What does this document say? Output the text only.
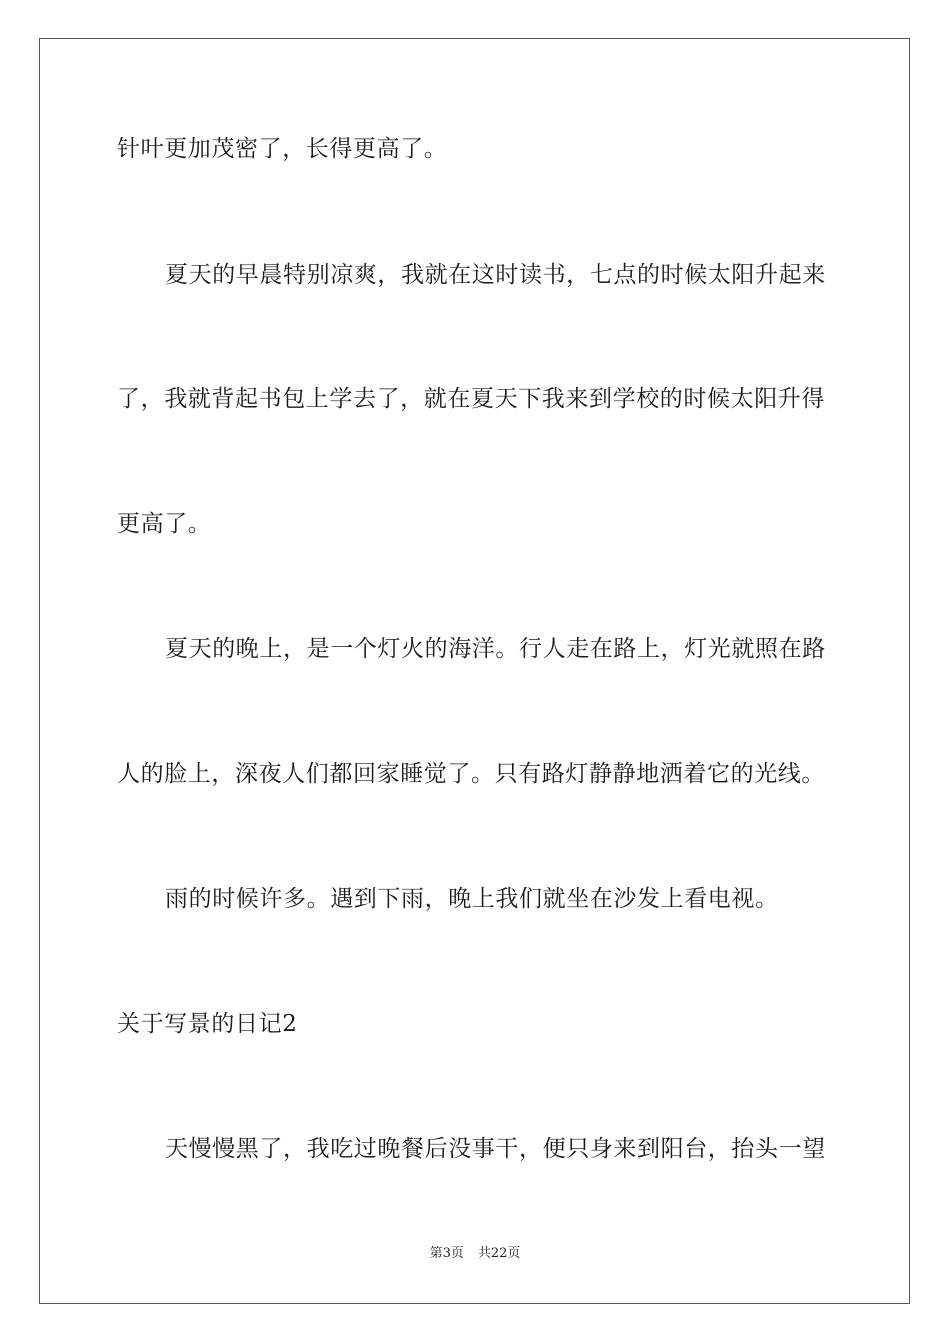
针叶更加茂密了，长得更高了。
夏天的早晨特别凉爽，我就在这时读书，七点的时候太阳升起来
了，我就背起书包上学去了，就在夏天下我来到学校的时候太阳升得
更高了。
夏天的晚上，是一个灯火的海洋。行人走在路上，灯光就照在路
人的脸上，深夜人们都回家睡觉了。只有路灯静静地洒着它的光线。
雨的时候许多。遇到下雨，晚上我们就坐在沙发上看电视。
关于写景的日记2
天慢慢黑了，我吃过晚餐后没事干，便只身来到阳台，抬头一望
第3页 共22页
